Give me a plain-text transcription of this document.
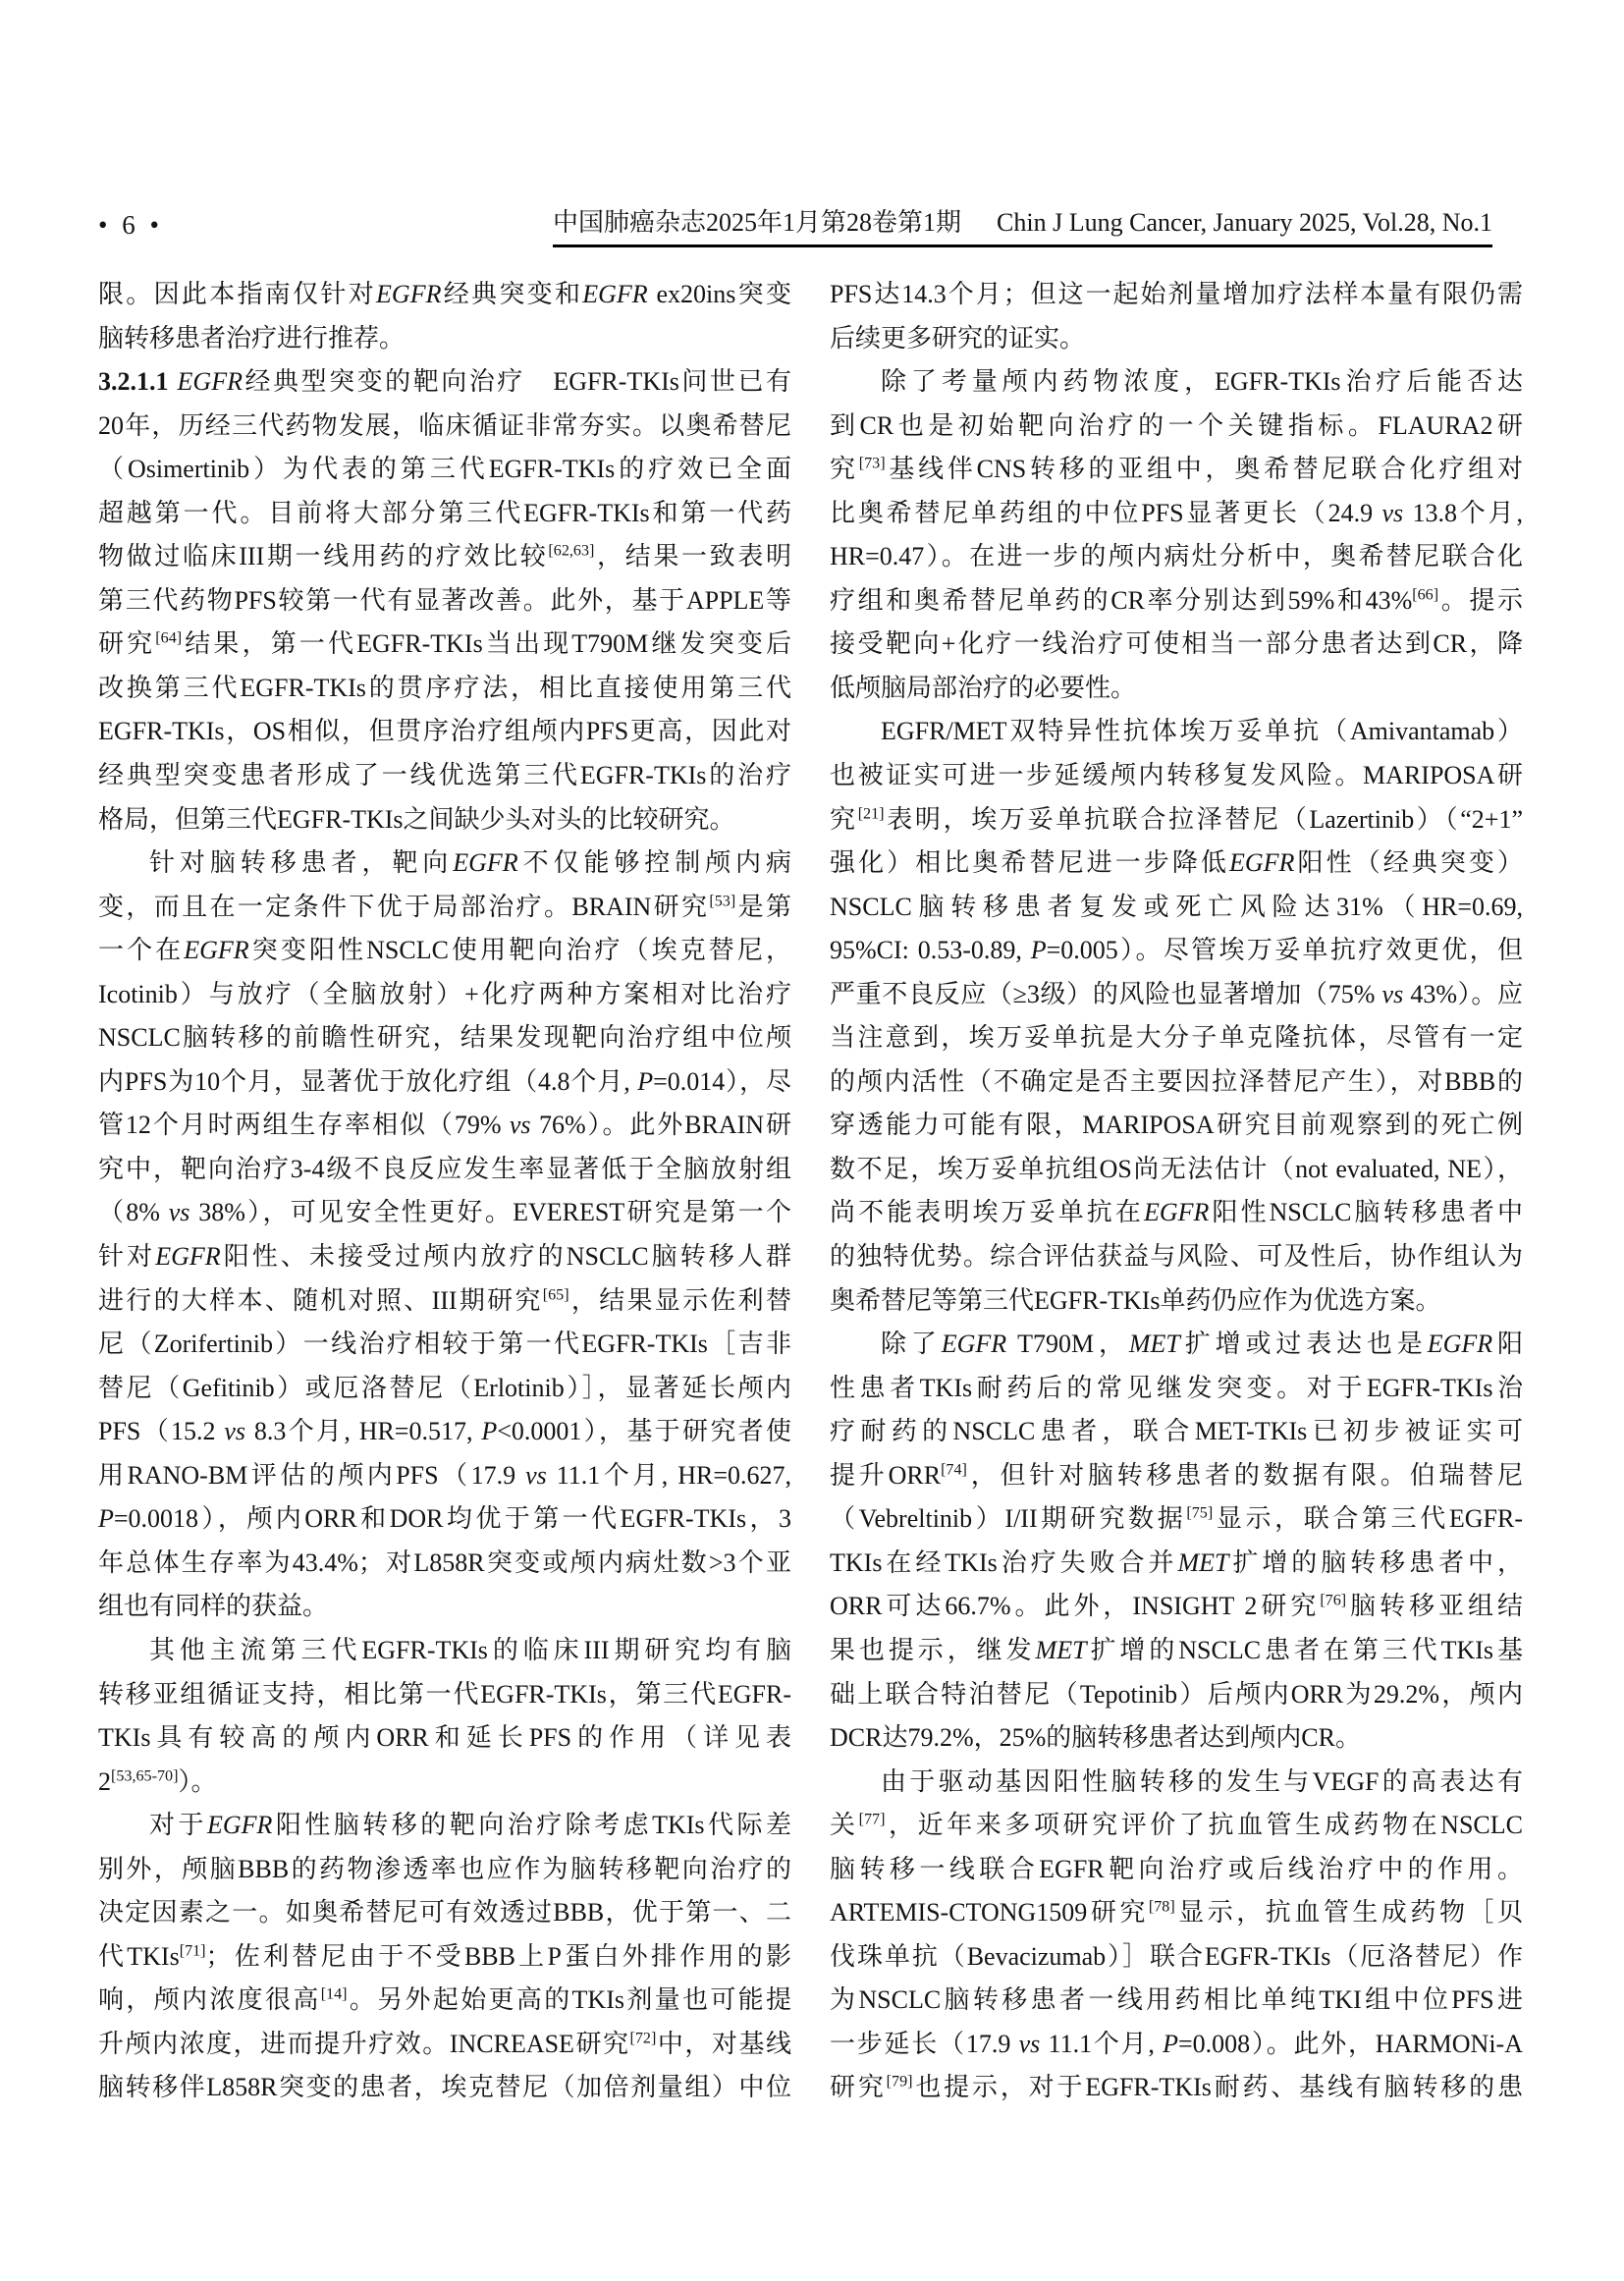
• 6 •	中国肺癌杂志2025年1月第28卷第1期 Chin J Lung Cancer, January 2025, Vol.28, No.1
限。因此本指南仅针对EGFR经典突变和EGFR ex20ins突变
脑转移患者治疗进行推荐。
3.2.1.1 EGFR经典型突变的靶向治疗　EGFR-TKIs问世已有
20年，历经三代药物发展，临床循证非常夯实。以奥希替尼
（Osimertinib）为代表的第三代EGFR-TKIs的疗效已全面
超越第一代。目前将大部分第三代EGFR-TKIs和第一代药
物做过临床III期一线用药的疗效比较[62,63]，结果一致表明
第三代药物PFS较第一代有显著改善。此外，基于APPLE等
研究[64]结果，第一代EGFR-TKIs当出现T790M继发突变后
改换第三代EGFR-TKIs的贯序疗法，相比直接使用第三代
EGFR-TKIs，OS相似，但贯序治疗组颅内PFS更高，因此对
经典型突变患者形成了一线优选第三代EGFR-TKIs的治疗
格局，但第三代EGFR-TKIs之间缺少头对头的比较研究。
针对脑转移患者，靶向EGFR不仅能够控制颅内病
变，而且在一定条件下优于局部治疗。BRAIN研究[53]是第
一个在EGFR突变阳性NSCLC使用靶向治疗（埃克替尼，
Icotinib）与放疗（全脑放射）+化疗两种方案相对比治疗
NSCLC脑转移的前瞻性研究，结果发现靶向治疗组中位颅
内PFS为10个月，显著优于放化疗组（4.8个月, P=0.014），尽
管12个月时两组生存率相似（79% vs 76%）。此外BRAIN研
究中，靶向治疗3-4级不良反应发生率显著低于全脑放射组
（8% vs 38%），可见安全性更好。EVEREST研究是第一个
针对EGFR阳性、未接受过颅内放疗的NSCLC脑转移人群
进行的大样本、随机对照、III期研究[65]，结果显示佐利替
尼（Zorifertinib）一线治疗相较于第一代EGFR-TKIs［吉非
替尼（Gefitinib）或厄洛替尼（Erlotinib）］，显著延长颅内
PFS（15.2 vs 8.3个月, HR=0.517, P<0.0001），基于研究者使
用RANO-BM评估的颅内PFS（17.9 vs 11.1个月, HR=0.627,
P=0.0018），颅内ORR和DOR均优于第一代EGFR-TKIs，3
年总体生存率为43.4%；对L858R突变或颅内病灶数>3个亚
组也有同样的获益。
其他主流第三代EGFR-TKIs的临床III期研究均有脑
转移亚组循证支持，相比第一代EGFR-TKIs，第三代EGFR-
TKIs具有较高的颅内ORR和延长PFS的作用（详见表
2[53,65-70]）。
对于EGFR阳性脑转移的靶向治疗除考虑TKIs代际差
别外，颅脑BBB的药物渗透率也应作为脑转移靶向治疗的
决定因素之一。如奥希替尼可有效透过BBB，优于第一、二
代TKIs[71]；佐利替尼由于不受BBB上P蛋白外排作用的影
响，颅内浓度很高[14]。另外起始更高的TKIs剂量也可能提
升颅内浓度，进而提升疗效。INCREASE研究[72]中，对基线
脑转移伴L858R突变的患者，埃克替尼（加倍剂量组）中位
PFS达14.3个月；但这一起始剂量增加疗法样本量有限仍需
后续更多研究的证实。
除了考量颅内药物浓度，EGFR-TKIs治疗后能否达
到CR也是初始靶向治疗的一个关键指标。FLAURA2研
究[73]基线伴CNS转移的亚组中，奥希替尼联合化疗组对
比奥希替尼单药组的中位PFS显著更长（24.9 vs 13.8个月,
HR=0.47）。在进一步的颅内病灶分析中，奥希替尼联合化
疗组和奥希替尼单药的CR率分别达到59%和43%[66]。提示
接受靶向+化疗一线治疗可使相当一部分患者达到CR，降
低颅脑局部治疗的必要性。
EGFR/MET双特异性抗体埃万妥单抗（Amivantamab）
也被证实可进一步延缓颅内转移复发风险。MARIPOSA研
究[21]表明，埃万妥单抗联合拉泽替尼（Lazertinib）（“2+1”
强化）相比奥希替尼进一步降低EGFR阳性（经典突变）
NSCLC脑转移患者复发或死亡风险达31%（HR=0.69,
95%CI: 0.53-0.89, P=0.005）。尽管埃万妥单抗疗效更优，但
严重不良反应（≥3级）的风险也显著增加（75% vs 43%）。应
当注意到，埃万妥单抗是大分子单克隆抗体，尽管有一定
的颅内活性（不确定是否主要因拉泽替尼产生），对BBB的
穿透能力可能有限，MARIPOSA研究目前观察到的死亡例
数不足，埃万妥单抗组OS尚无法估计（not evaluated, NE），
尚不能表明埃万妥单抗在EGFR阳性NSCLC脑转移患者中
的独特优势。综合评估获益与风险、可及性后，协作组认为
奥希替尼等第三代EGFR-TKIs单药仍应作为优选方案。
除了EGFR T790M，MET扩增或过表达也是EGFR阳
性患者TKIs耐药后的常见继发突变。对于EGFR-TKIs治
疗耐药的NSCLC患者，联合MET-TKIs已初步被证实可
提升ORR[74]，但针对脑转移患者的数据有限。伯瑞替尼
（Vebreltinib）I/II期研究数据[75]显示，联合第三代EGFR-
TKIs在经TKIs治疗失败合并MET扩增的脑转移患者中，
ORR可达66.7%。此外，INSIGHT 2研究[76]脑转移亚组结
果也提示，继发MET扩增的NSCLC患者在第三代TKIs基
础上联合特泊替尼（Tepotinib）后颅内ORR为29.2%，颅内
DCR达79.2%，25%的脑转移患者达到颅内CR。
由于驱动基因阳性脑转移的发生与VEGF的高表达有
关[77]，近年来多项研究评价了抗血管生成药物在NSCLC
脑转移一线联合EGFR靶向治疗或后线治疗中的作用。
ARTEMIS-CTONG1509研究[78]显示，抗血管生成药物［贝
伐珠单抗（Bevacizumab）］联合EGFR-TKIs（厄洛替尼）作
为NSCLC脑转移患者一线用药相比单纯TKI组中位PFS进
一步延长（17.9 vs 11.1个月, P=0.008）。此外，HARMONi-A
研究[79]也提示，对于EGFR-TKIs耐药、基线有脑转移的患
